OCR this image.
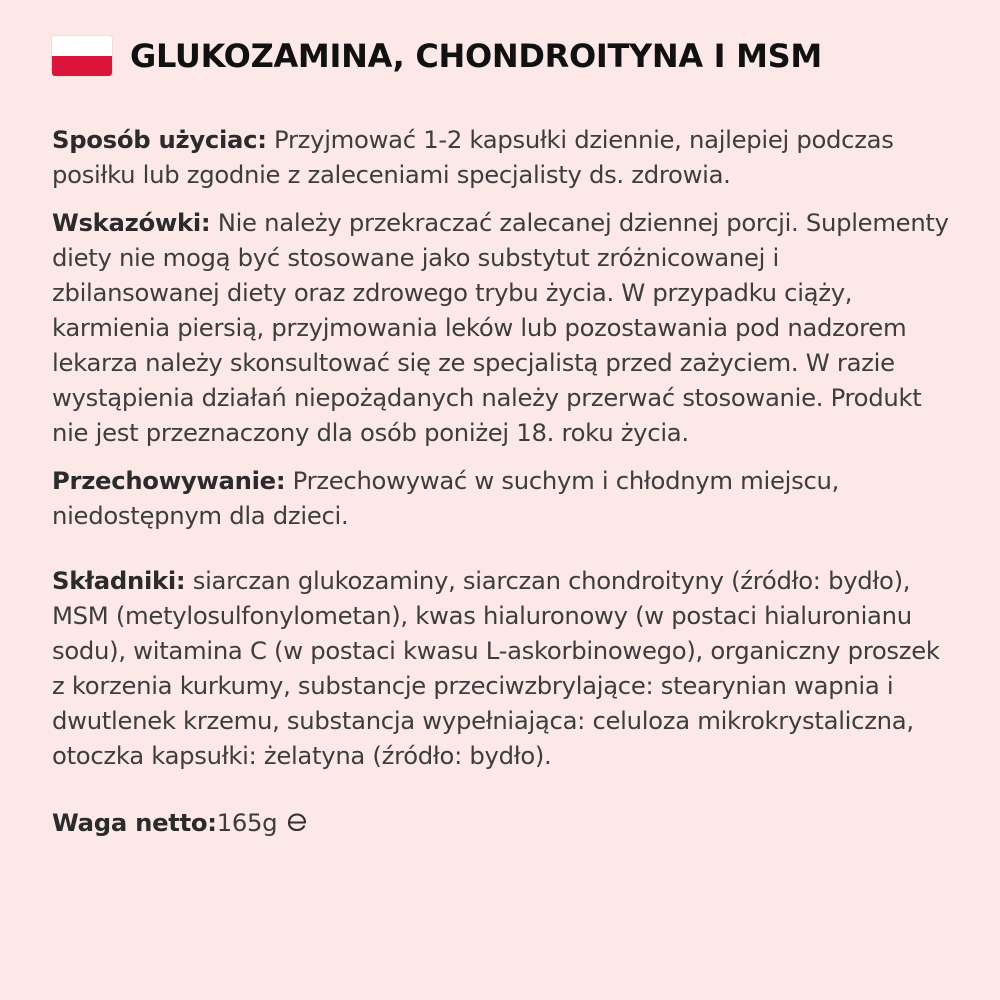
GLUKOZAMINA, CHONDROITYNA I MSM

Sposób użyciac: Przyjmować 1-2 kapsułki dziennie, najlepiej podczas posiłku lub zgodnie z zaleceniami specjalisty ds. zdrowia.

Wskazówki: Nie należy przekraczać zalecanej dziennej porcji. Suplementy diety nie mogą być stosowane jako substytut zróżnicowanej i zbilansowanej diety oraz zdrowego trybu życia. W przypadku ciąży, karmienia piersią, przyjmowania leków lub pozostawania pod nadzorem lekarza należy skonsultować się ze specjalistą przed zażyciem. W razie wystąpienia działań niepożądanych należy przerwać stosowanie. Produkt nie jest przeznaczony dla osób poniżej 18. roku życia.

Przechowywanie: Przechowywać w suchym i chłodnym miejscu, niedostępnym dla dzieci.

Składniki: siarczan glukozaminy, siarczan chondroityny (źródło: bydło), MSM (metylosulfonylometan), kwas hialuronowy (w postaci hialuronianu sodu), witamina C (w postaci kwasu L-askorbinowego), organiczny proszek z korzenia kurkumy, substancje przeciwzbrylające: stearynian wapnia i dwutlenek krzemu, substancja wypełniająca: celuloza mikrokrystaliczna, otoczka kapsułki: żelatyna (źródło: bydło).

Waga netto: 165g
